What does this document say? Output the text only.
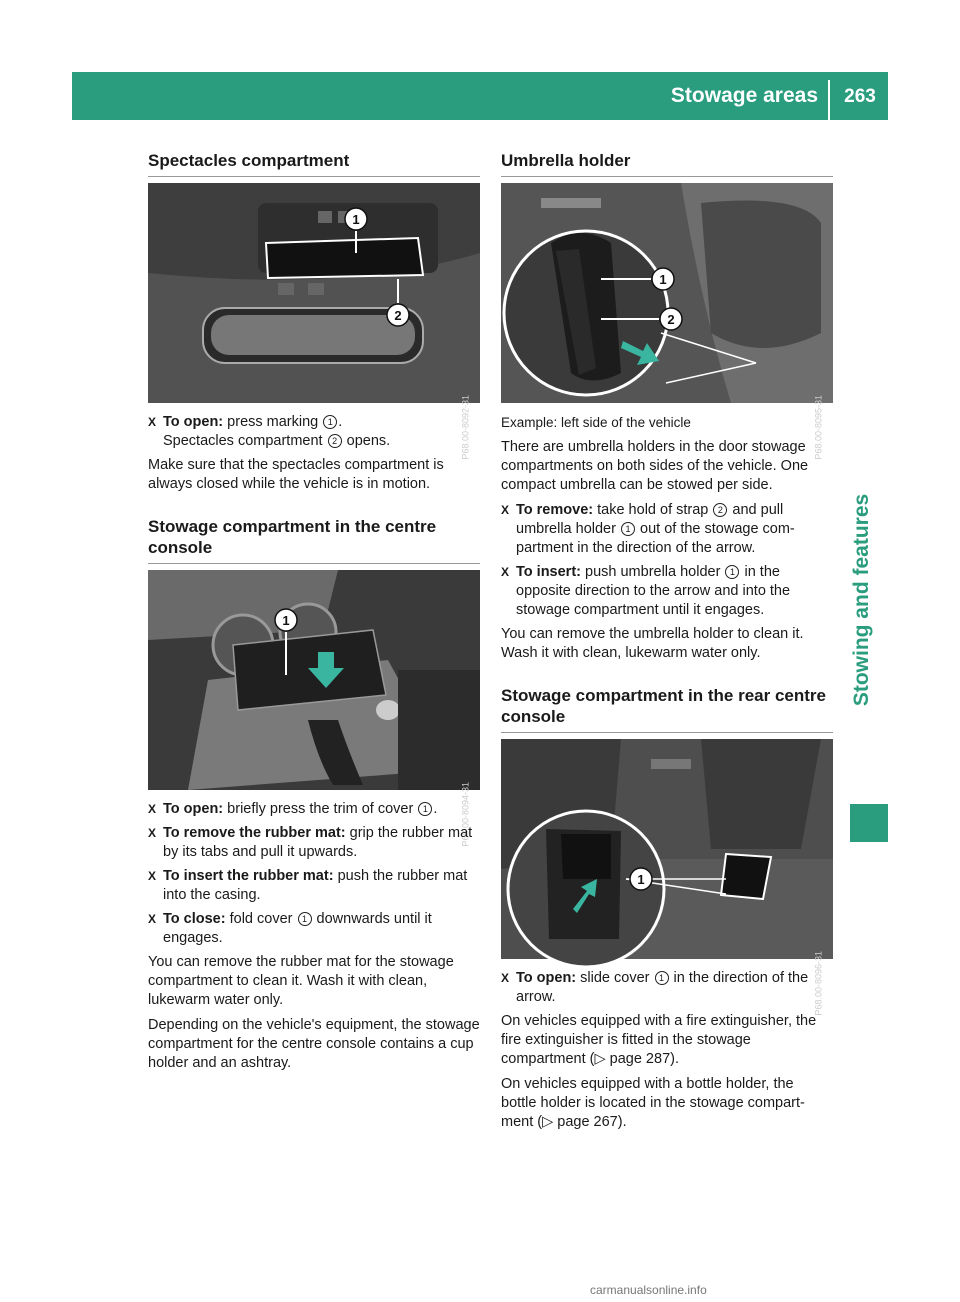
Stowage areas	263
Stowing and features
Spectacles compartment
1
2
P68.00-8092-31
X To open: press marking 1 .
Spectacles compartment 2 opens.

Make sure that the spectacles compartment is always closed while the vehicle is in motion.

Stowage compartment in the centre console
1
P68.00-8094-31
X To open: briefly press the trim of cover 1 .
X To remove the rubber mat: grip the rubber mat by its tabs and pull it upwards.
X To insert the rubber mat: push the rubber mat into the casing.
X To close: fold cover 1 downwards until it engages.

You can remove the rubber mat for the stowage compartment to clean it. Wash it with clean, lukewarm water only.

Depending on the vehicle's equipment, the stowage compartment for the centre console contains a cup holder and an ashtray.

Umbrella holder
1
2
P68.00-8095-31

Example: left side of the vehicle

There are umbrella holders in the door stowage compartments on both sides of the vehicle. One compact umbrella can be stowed per side.

X To remove: take hold of strap 2 and pull umbrella holder 1 out of the stowage com- partment in the direction of the arrow.
X To insert: push umbrella holder 1 in the opposite direction to the arrow and into the stowage compartment until it engages.

You can remove the umbrella holder to clean it. Wash it with clean, lukewarm water only.

Stowage compartment in the rear centre console
1
P68.00-8096-31
X To open: slide cover 1 in the direction of the arrow.

On vehicles equipped with a fire extinguisher, the fire extinguisher is fitted in the stowage compartment (▷ page 287).

On vehicles equipped with a bottle holder, the bottle holder is located in the stowage compart- ment (▷ page 267).

carmanualsonline.info
